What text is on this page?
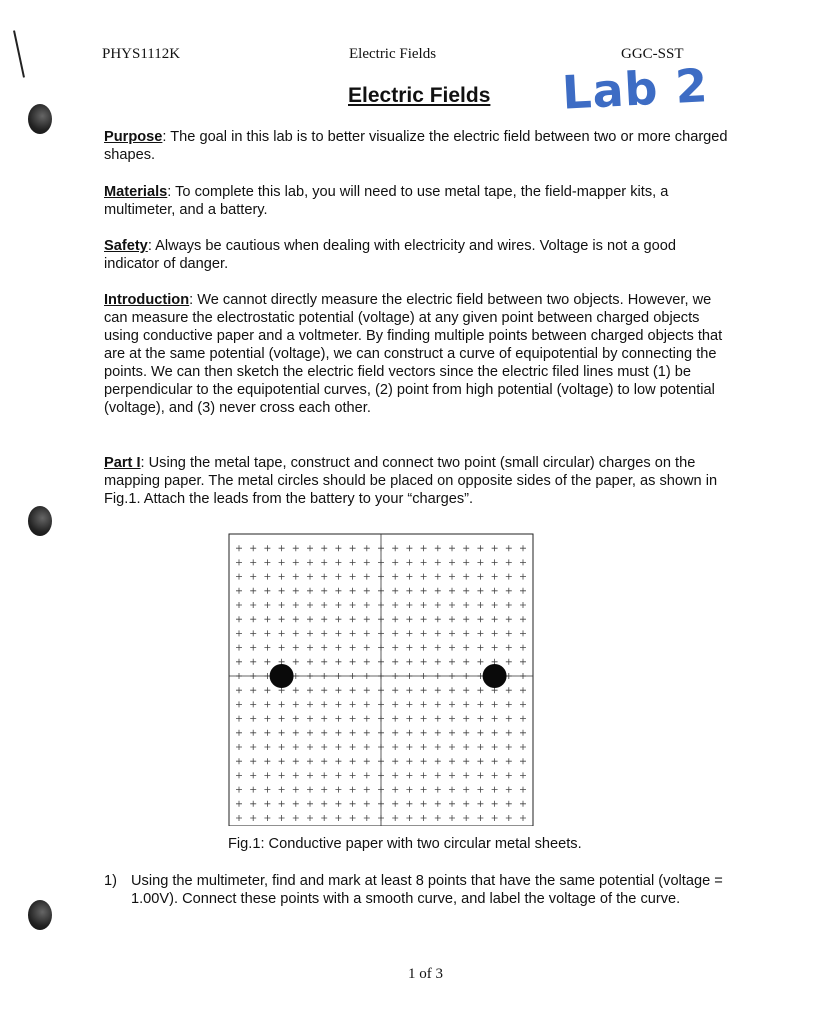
PHYS1112K	Electric Fields	GGC-SST
Electric Fields Lab 2
Purpose: The goal in this lab is to better visualize the electric field between two or more charged shapes.
Materials: To complete this lab, you will need to use metal tape, the field-mapper kits, a multimeter, and a battery.
Safety: Always be cautious when dealing with electricity and wires. Voltage is not a good indicator of danger.
Introduction: We cannot directly measure the electric field between two objects. However, we can measure the electrostatic potential (voltage) at any given point between charged objects using conductive paper and a voltmeter. By finding multiple points between charged objects that are at the same potential (voltage), we can construct a curve of equipotential by connecting the points. We can then sketch the electric field vectors since the electric filed lines must (1) be perpendicular to the equipotential curves, (2) point from high potential (voltage) to low potential (voltage), and (3) never cross each other.
Part I: Using the metal tape, construct and connect two point (small circular) charges on the mapping paper. The metal circles should be placed on opposite sides of the paper, as shown in Fig.1. Attach the leads from the battery to your “charges”.
Fig.1: Conductive paper with two circular metal sheets.
1) Using the multimeter, find and mark at least 8 points that have the same potential (voltage = 1.00V). Connect these points with a smooth curve, and label the voltage of the curve.
1 of 3
